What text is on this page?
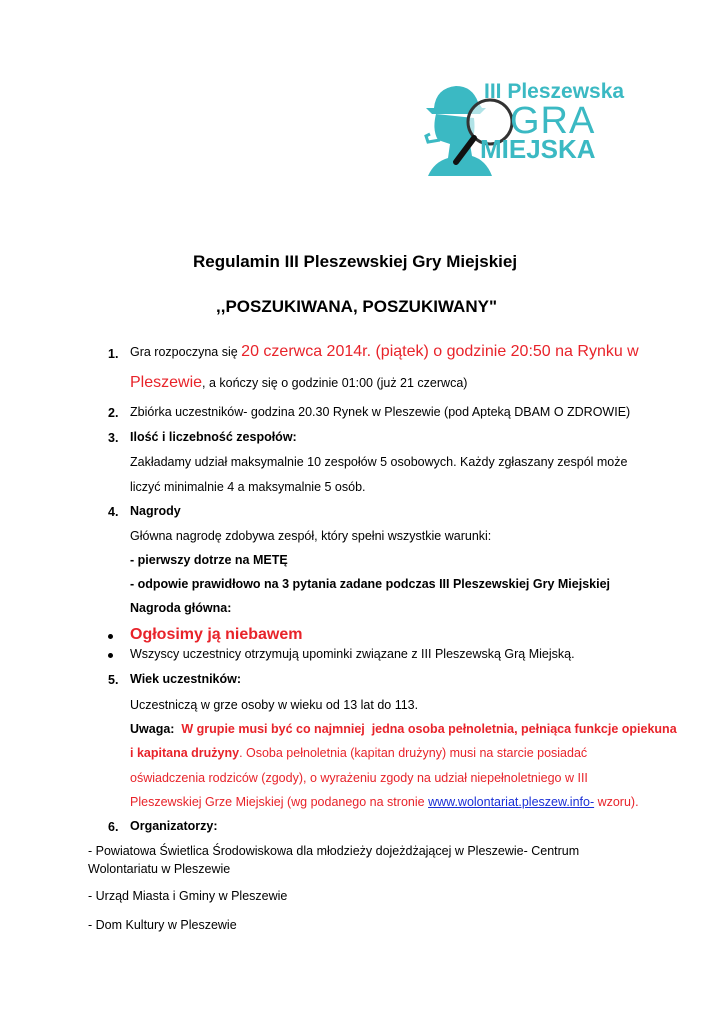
III Pleszewska
GRA
MIEJSKA
Regulamin III Pleszewskiej Gry Miejskiej
,,POSZUKIWANA, POSZUKIWANY"
1. Gra rozpoczyna się 20 czerwca 2014r. (piątek) o godzinie 20:50 na Rynku w
Pleszewie, a kończy się o godzinie 01:00 (już 21 czerwca)
2. Zbiórka uczestników- godzina 20.30 Rynek w Pleszewie (pod Apteką DBAM O ZDROWIE)
3. Ilość i liczebność zespołów:
Zakładamy udział maksymalnie 10 zespołów 5 osobowych. Każdy zgłaszany zespól może
liczyć minimalnie 4 a maksymalnie 5 osób.
4. Nagrody
Główna nagrodę zdobywa zespół, który spełni wszystkie warunki:
- pierwszy dotrze na METĘ
- odpowie prawidłowo na 3 pytania zadane podczas III Pleszewskiej Gry Miejskiej
Nagroda główna:
Ogłosimy ją niebawem
Wszyscy uczestnicy otrzymują upominki związane z III Pleszewską Grą Miejską.
5. Wiek uczestników:
Uczestniczą w grze osoby w wieku od 13 lat do 113.
Uwaga:  W grupie musi być co najmniej  jedna osoba pełnoletnia, pełniąca funkcje opiekuna
i kapitana drużyny. Osoba pełnoletnia (kapitan drużyny) musi na starcie posiadać
oświadczenia rodziców (zgody), o wyrażeniu zgody na udział niepełnoletniego w III
Pleszewskiej Grze Miejskiej (wg podanego na stronie www.wolontariat.pleszew.info- wzoru).
6. Organizatorzy:
- Powiatowa Świetlica Środowiskowa dla młodzieży dojeżdżającej w Pleszewie- Centrum
Wolontariatu w Pleszewie
- Urząd Miasta i Gminy w Pleszewie
- Dom Kultury w Pleszewie
